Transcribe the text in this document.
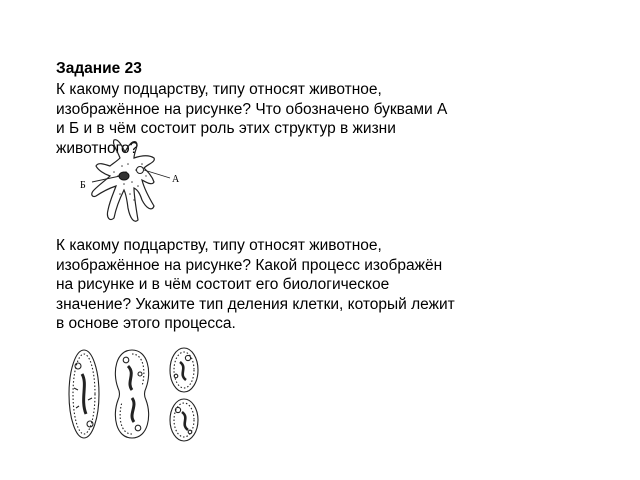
Задание 23
К какому подцарству, типу относят животное,
изображённое на рисунке? Что обозначено буквами А
и Б и в чём состоит роль этих структур в жизни
животного?
Б
А
К какому подцарству, типу относят животное,
изображённое на рисунке? Какой процесс изображён
на рисунке и в чём состоит его биологическое
значение? Укажите тип деления клетки, который лежит
в основе этого процесса.
